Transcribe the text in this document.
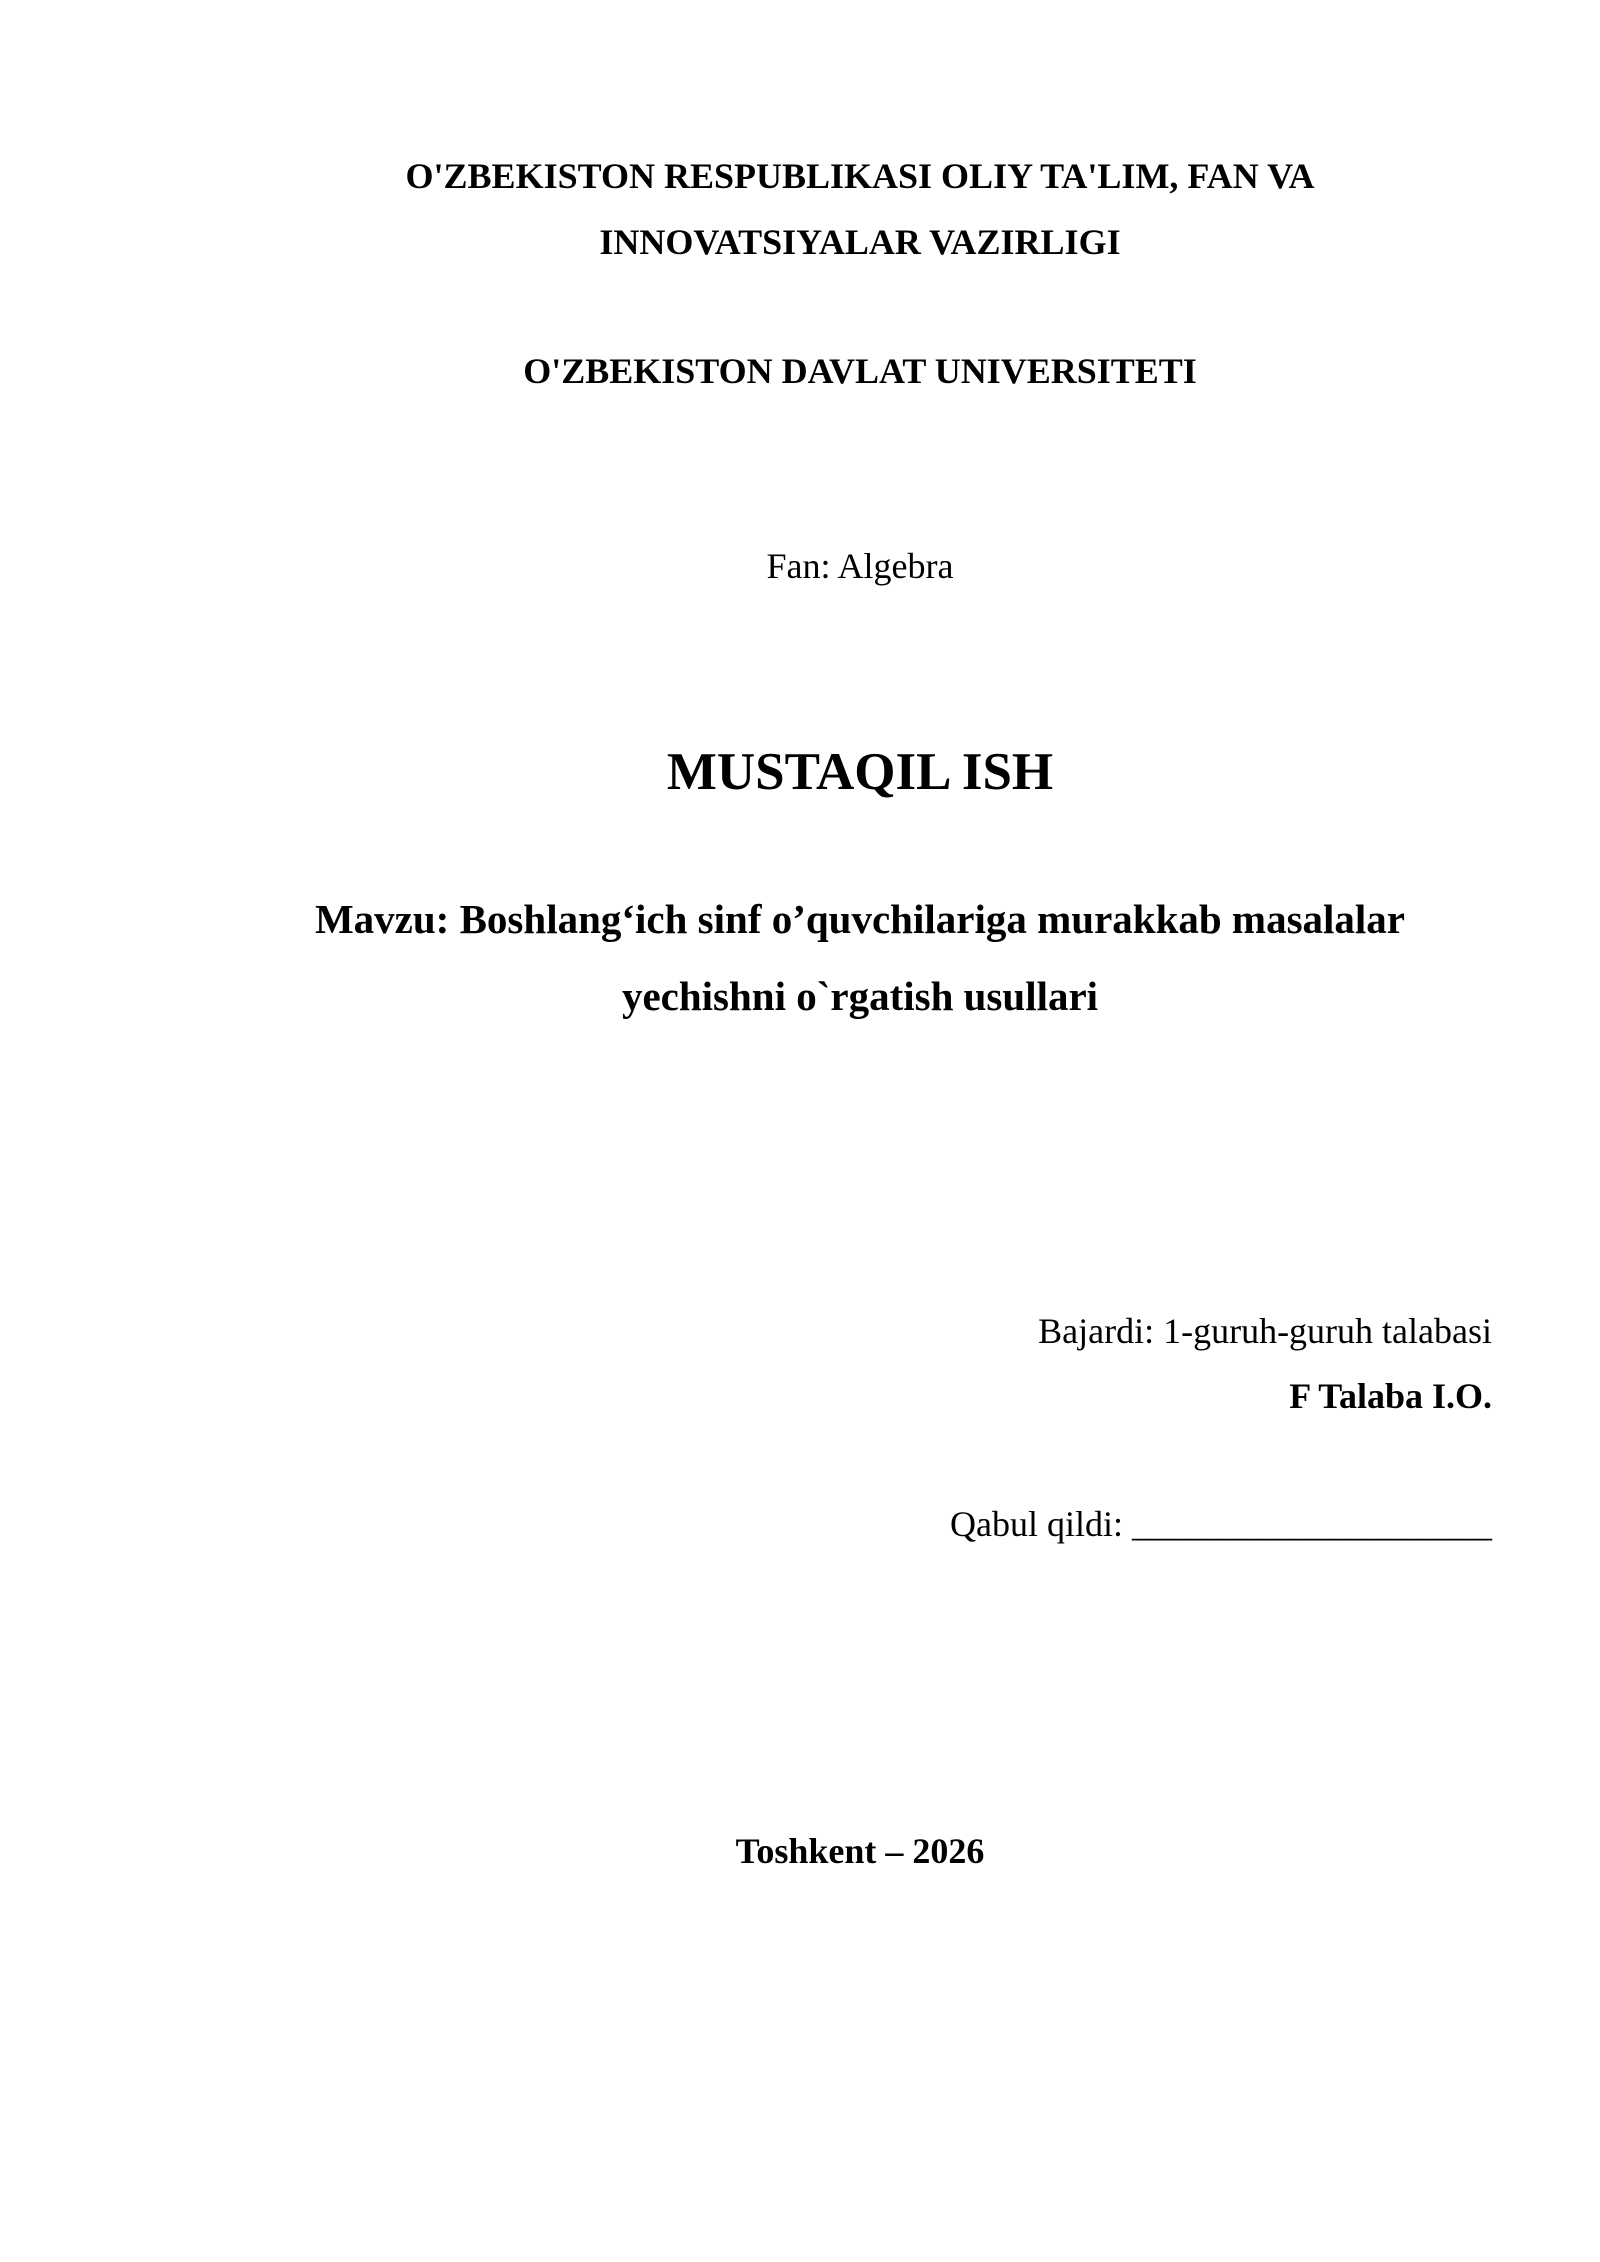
O'ZBEKISTON RESPUBLIKASI OLIY TA'LIM, FAN VA
INNOVATSIYALAR VAZIRLIGI
O'ZBEKISTON DAVLAT UNIVERSITETI
Fan: Algebra
MUSTAQIL ISH
Mavzu: Boshlang‘ich sinf o’quvchilariga murakkab masalalar
yechishni o`rgatish usullari
Bajardi: 1-guruh-guruh talabasi
F Talaba I.O.
Qabul qildi: ____________________
Toshkent – 2026
